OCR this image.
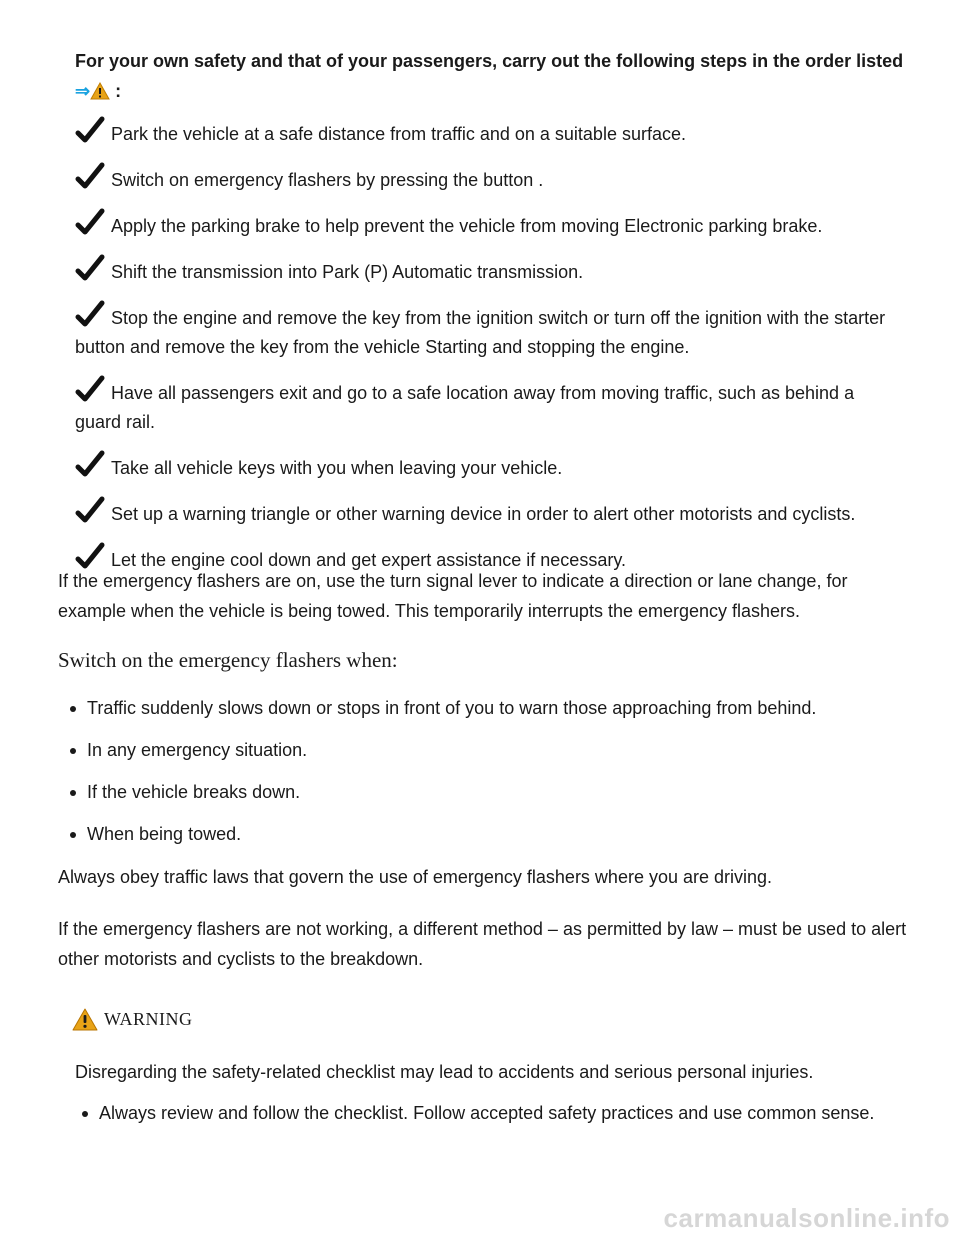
For your own safety and that of your passengers, carry out the following steps in the order listed ⇒ :
Park the vehicle at a safe distance from traffic and on a suitable surface.
Switch on emergency flashers by pressing the button .
Apply the parking brake to help prevent the vehicle from moving Electronic parking brake.
Shift the transmission into Park (P) Automatic transmission.
Stop the engine and remove the key from the ignition switch or turn off the ignition with the starter button and remove the key from the vehicle Starting and stopping the engine.
Have all passengers exit and go to a safe location away from moving traffic, such as behind a guard rail.
Take all vehicle keys with you when leaving your vehicle.
Set up a warning triangle or other warning device in order to alert other motorists and cyclists.
Let the engine cool down and get expert assistance if necessary.

If the emergency flashers are on, use the turn signal lever to indicate a direction or lane change, for example when the vehicle is being towed. This temporarily interrupts the emergency flashers.

Switch on the emergency flashers when:
Traffic suddenly slows down or stops in front of you to warn those approaching from behind.
In any emergency situation.
If the vehicle breaks down.
When being towed.

Always obey traffic laws that govern the use of emergency flashers where you are driving.

If the emergency flashers are not working, a different method – as permitted by law – must be used to alert other motorists and cyclists to the breakdown.

WARNING

Disregarding the safety-related checklist may lead to accidents and serious personal injuries.

Always review and follow the checklist. Follow accepted safety practices and use common sense.
carmanualsonline.info
